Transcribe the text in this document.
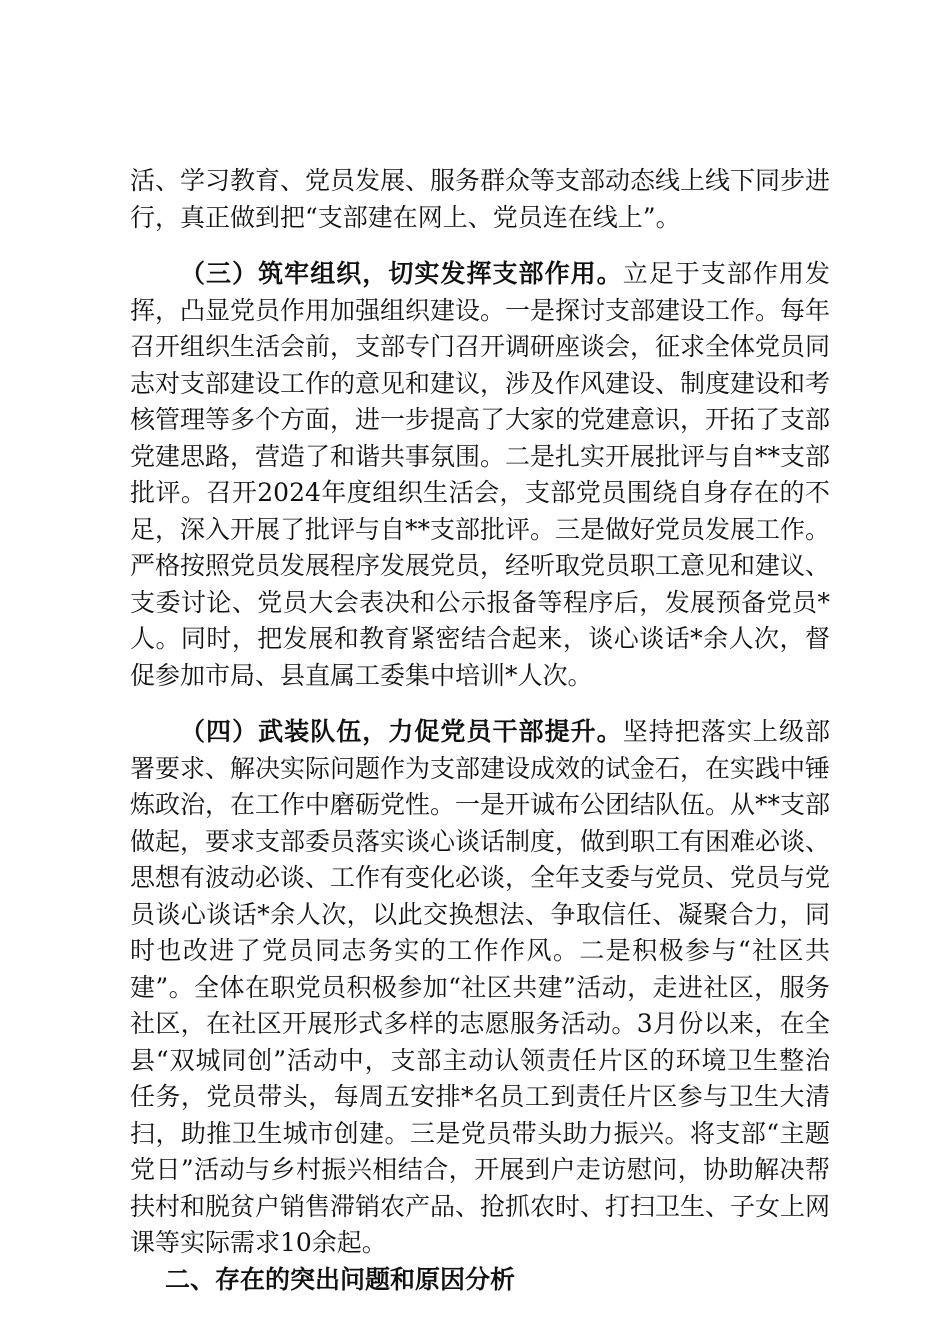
活、学习教育、党员发展、服务群众等支部动态线上线下同步进行，真正做到把“支部建在网上、党员连在线上”。

（三）筑牢组织，切实发挥支部作用。立足于支部作用发挥，凸显党员作用加强组织建设。一是探讨支部建设工作。每年召开组织生活会前，支部专门召开调研座谈会，征求全体党员同志对支部建设工作的意见和建议，涉及作风建设、制度建设和考核管理等多个方面，进一步提高了大家的党建意识，开拓了支部党建思路，营造了和谐共事氛围。二是扎实开展批评与自**支部批评。召开2024年度组织生活会，支部党员围绕自身存在的不足，深入开展了批评与自**支部批评。三是做好党员发展工作。严格按照党员发展程序发展党员，经听取党员职工意见和建议、支委讨论、党员大会表决和公示报备等程序后，发展预备党员*人。同时，把发展和教育紧密结合起来，谈心谈话*余人次，督促参加市局、县直属工委集中培训*人次。

（四）武装队伍，力促党员干部提升。坚持把落实上级部署要求、解决实际问题作为支部建设成效的试金石，在实践中锤炼政治，在工作中磨砺党性。一是开诚布公团结队伍。从**支部做起，要求支部委员落实谈心谈话制度，做到职工有困难必谈、思想有波动必谈、工作有变化必谈，全年支委与党员、党员与党员谈心谈话*余人次，以此交换想法、争取信任、凝聚合力，同时也改进了党员同志务实的工作作风。二是积极参与“社区共建”。全体在职党员积极参加“社区共建”活动，走进社区，服务社区，在社区开展形式多样的志愿服务活动。3月份以来，在全县“双城同创”活动中，支部主动认领责任片区的环境卫生整治任务，党员带头，每周五安排*名员工到责任片区参与卫生大清扫，助推卫生城市创建。三是党员带头助力振兴。将支部“主题党日”活动与乡村振兴相结合，开展到户走访慰问，协助解决帮扶村和脱贫户销售滞销农产品、抢抓农时、打扫卫生、子女上网课等实际需求10余起。

二、存在的突出问题和原因分析
